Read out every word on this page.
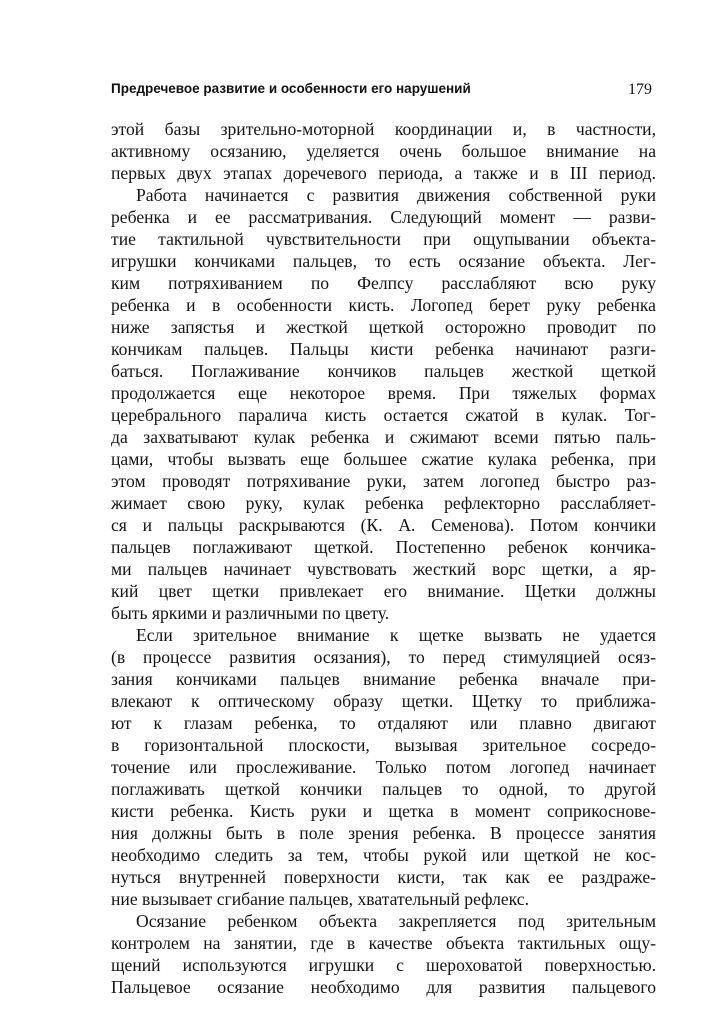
Предречевое развитие и особенности его нарушений	179
этой базы зрительно-моторной координации и, в частности,
активному осязанию, уделяется очень большое внимание на
первых двух этапах доречевого периода, а также и в III период.
Работа начинается с развития движения собственной руки
ребенка и ее рассматривания. Следующий момент — разви-
тие тактильной чувствительности при ощупывании объекта-
игрушки кончиками пальцев, то есть осязание объекта. Лег-
ким потряхиванием по Фелпсу расслабляют всю руку
ребенка и в особенности кисть. Логопед берет руку ребенка
ниже запястья и жесткой щеткой осторожно проводит по
кончикам пальцев. Пальцы кисти ребенка начинают разги-
баться. Поглаживание кончиков пальцев жесткой щеткой
продолжается еще некоторое время. При тяжелых формах
церебрального паралича кисть остается сжатой в кулак. Тог-
да захватывают кулак ребенка и сжимают всеми пятью паль-
цами, чтобы вызвать еще большее сжатие кулака ребенка, при
этом проводят потряхивание руки, затем логопед быстро раз-
жимает свою руку, кулак ребенка рефлекторно расслабляет-
ся и пальцы раскрываются (К. А. Семенова). Потом кончики
пальцев поглаживают щеткой. Постепенно ребенок кончика-
ми пальцев начинает чувствовать жесткий ворс щетки, а яр-
кий цвет щетки привлекает его внимание. Щетки должны
быть яркими и различными по цвету.
Если зрительное внимание к щетке вызвать не удается
(в процессе развития осязания), то перед стимуляцией осяз-
зания кончиками пальцев внимание ребенка вначале при-
влекают к оптическому образу щетки. Щетку то приближа-
ют к глазам ребенка, то отдаляют или плавно двигают
в горизонтальной плоскости, вызывая зрительное сосредо-
точение или прослеживание. Только потом логопед начинает
поглаживать щеткой кончики пальцев то одной, то другой
кисти ребенка. Кисть руки и щетка в момент соприкоснове-
ния должны быть в поле зрения ребенка. В процессе занятия
необходимо следить за тем, чтобы рукой или щеткой не кос-
нуться внутренней поверхности кисти, так как ее раздраже-
ние вызывает сгибание пальцев, хватательный рефлекс.
Осязание ребенком объекта закрепляется под зрительным
контролем на занятии, где в качестве объекта тактильных ощу-
щений используются игрушки с шероховатой поверхностью.
Пальцевое осязание необходимо для развития пальцевого
